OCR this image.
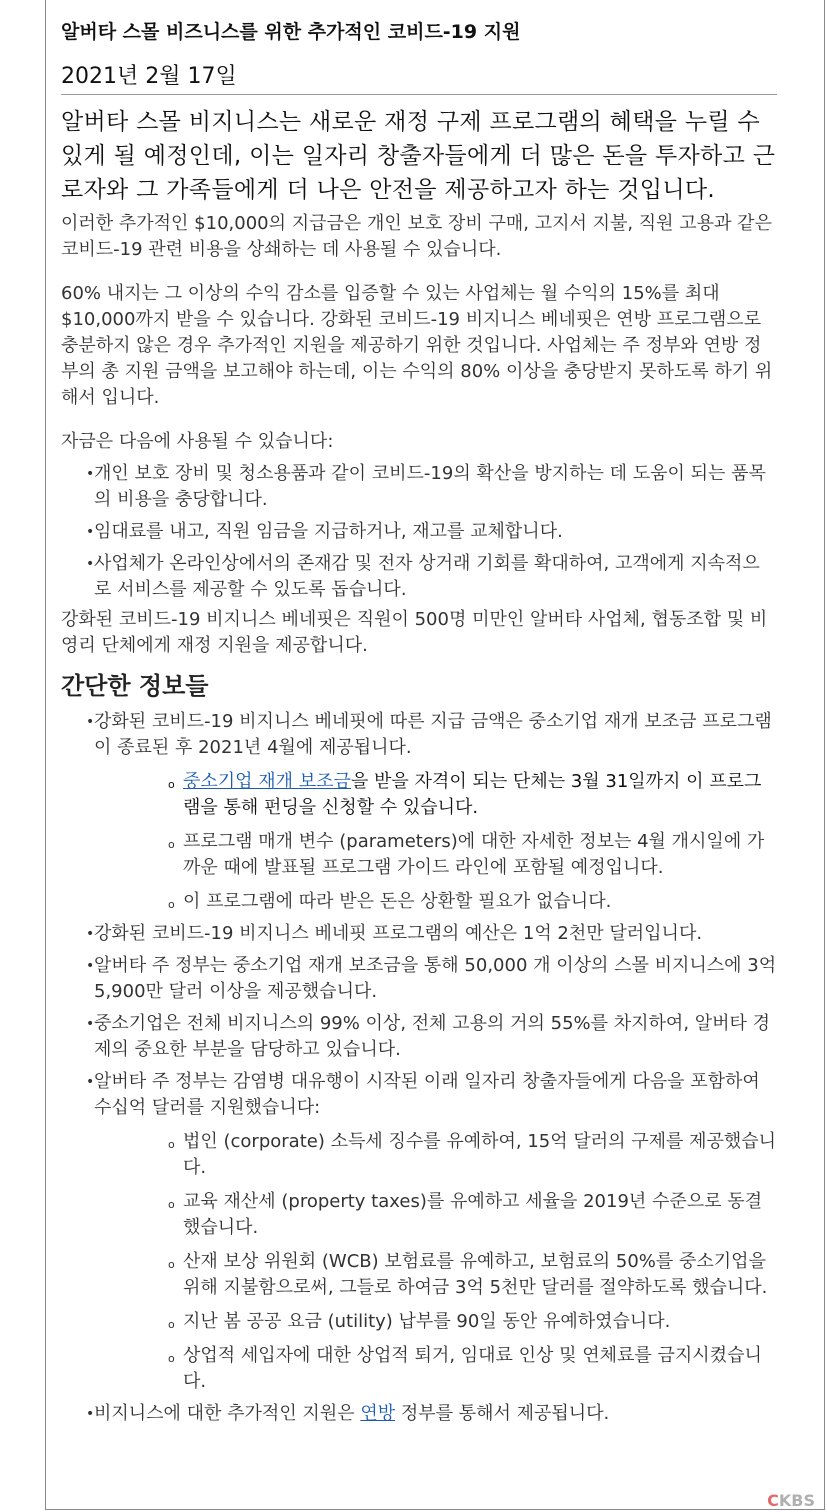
알버타 스몰 비즈니스를 위한 추가적인 코비드-19 지원
2021년 2월 17일

알버타 스몰 비지니스는 새로운 재정 구제 프로그램의 혜택을 누릴 수 있게 될 예정인데, 이는 일자리 창출자들에게 더 많은 돈을 투자하고 근로자와 그 가족들에게 더 나은 안전을 제공하고자 하는 것입니다.

이러한 추가적인 $10,000의 지급금은 개인 보호 장비 구매, 고지서 지불, 직원 고용과 같은 코비드-19 관련 비용을 상쇄하는 데 사용될 수 있습니다.

60% 내지는 그 이상의 수익 감소를 입증할 수 있는 사업체는 월 수익의 15%를 최대 $10,000까지 받을 수 있습니다. 강화된 코비드-19 비지니스 베네핏은 연방 프로그램으로 충분하지 않은 경우 추가적인 지원을 제공하기 위한 것입니다. 사업체는 주 정부와 연방 정부의 총 지원 금액을 보고해야 하는데, 이는 수익의 80% 이상을 충당받지 못하도록 하기 위해서 입니다.

자금은 다음에 사용될 수 있습니다:

• 개인 보호 장비 및 청소용품과 같이 코비드-19의 확산을 방지하는 데 도움이 되는 품목의 비용을 충당합니다.
• 임대료를 내고, 직원 임금을 지급하거나, 재고를 교체합니다.
• 사업체가 온라인상에서의 존재감 및 전자 상거래 기회를 확대하여, 고객에게 지속적으로 서비스를 제공할 수 있도록 돕습니다.

강화된 코비드-19 비지니스 베네핏은 직원이 500명 미만인 알버타 사업체, 협동조합 및 비영리 단체에게 재정 지원을 제공합니다.

간단한 정보들
• 강화된 코비드-19 비지니스 베네핏에 따른 지급 금액은 중소기업 재개 보조금 프로그램이 종료된 후 2021년 4월에 제공됩니다.
o 중소기업 재개 보조금을 받을 자격이 되는 단체는 3월 31일까지 이 프로그램을 통해 펀딩을 신청할 수 있습니다.
o 프로그램 매개 변수 (parameters)에 대한 자세한 정보는 4월 개시일에 가까운 때에 발표될 프로그램 가이드 라인에 포함될 예정입니다.
o 이 프로그램에 따라 받은 돈은 상환할 필요가 없습니다.
• 강화된 코비드-19 비지니스 베네핏 프로그램의 예산은 1억 2천만 달러입니다.
• 알버타 주 정부는 중소기업 재개 보조금을 통해 50,000 개 이상의 스몰 비지니스에 3억 5,900만 달러 이상을 제공했습니다.
• 중소기업은 전체 비지니스의 99% 이상, 전체 고용의 거의 55%를 차지하여, 알버타 경제의 중요한 부분을 담당하고 있습니다.
• 알버타 주 정부는 감염병 대유행이 시작된 이래 일자리 창출자들에게 다음을 포함하여 수십억 달러를 지원했습니다:
o 법인 (corporate) 소득세 징수를 유예하여, 15억 달러의 구제를 제공했습니다.
o 교육 재산세 (property taxes)를 유예하고 세율을 2019년 수준으로 동결했습니다.
o 산재 보상 위원회 (WCB) 보험료를 유예하고, 보험료의 50%를 중소기업을 위해 지불함으로써, 그들로 하여금 3억 5천만 달러를 절약하도록 했습니다.
o 지난 봄 공공 요금 (utility) 납부를 90일 동안 유예하였습니다.
o 상업적 세입자에 대한 상업적 퇴거, 임대료 인상 및 연체료를 금지시켰습니다.
• 비지니스에 대한 추가적인 지원은 연방 정부를 통해서 제공됩니다.
CKBS
